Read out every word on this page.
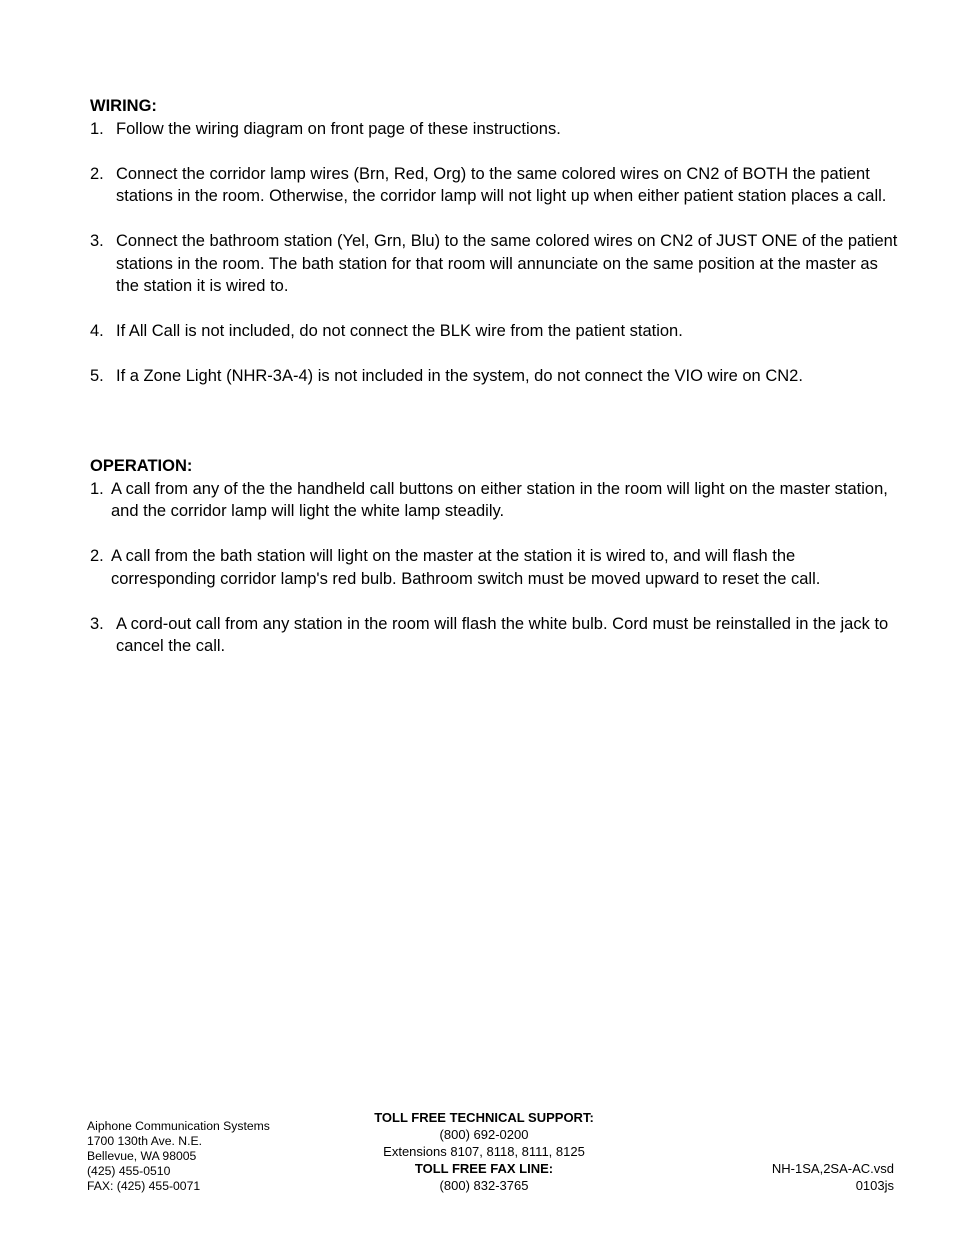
WIRING:

1. Follow the wiring diagram on front page of these instructions.
2. Connect the corridor lamp wires (Brn, Red, Org) to the same colored wires on CN2 of BOTH the patient stations in the room. Otherwise, the corridor lamp will not light up when either patient station places a call.
3. Connect the bathroom station (Yel, Grn, Blu) to the same colored wires on CN2 of JUST ONE of the patient stations in the room. The bath station for that room will annunciate on the same position at the master as the station it is wired to.
4. If All Call is not included, do not connect the BLK wire from the patient station.
5. If a Zone Light (NHR-3A-4) is not included in the system, do not connect the VIO wire on CN2.

OPERATION:

1. A call from any of the the handheld call buttons on either station in the room will light on the master station, and the corridor lamp will light the white lamp steadily.
2. A call from the bath station will light on the master at the station it is wired to, and will flash the corresponding corridor lamp's red bulb. Bathroom switch must be moved upward to reset the call.
3. A cord-out call from any station in the room will flash the white bulb. Cord must be reinstalled in the jack to cancel the call.
Aiphone Communication Systems
1700 130th Ave. N.E.
Bellevue, WA 98005
(425) 455-0510
FAX: (425) 455-0071
TOLL FREE TECHNICAL SUPPORT:
(800) 692-0200
Extensions 8107, 8118, 8111, 8125
TOLL FREE FAX LINE:
(800) 832-3765
NH-1SA,2SA-AC.vsd
0103js
